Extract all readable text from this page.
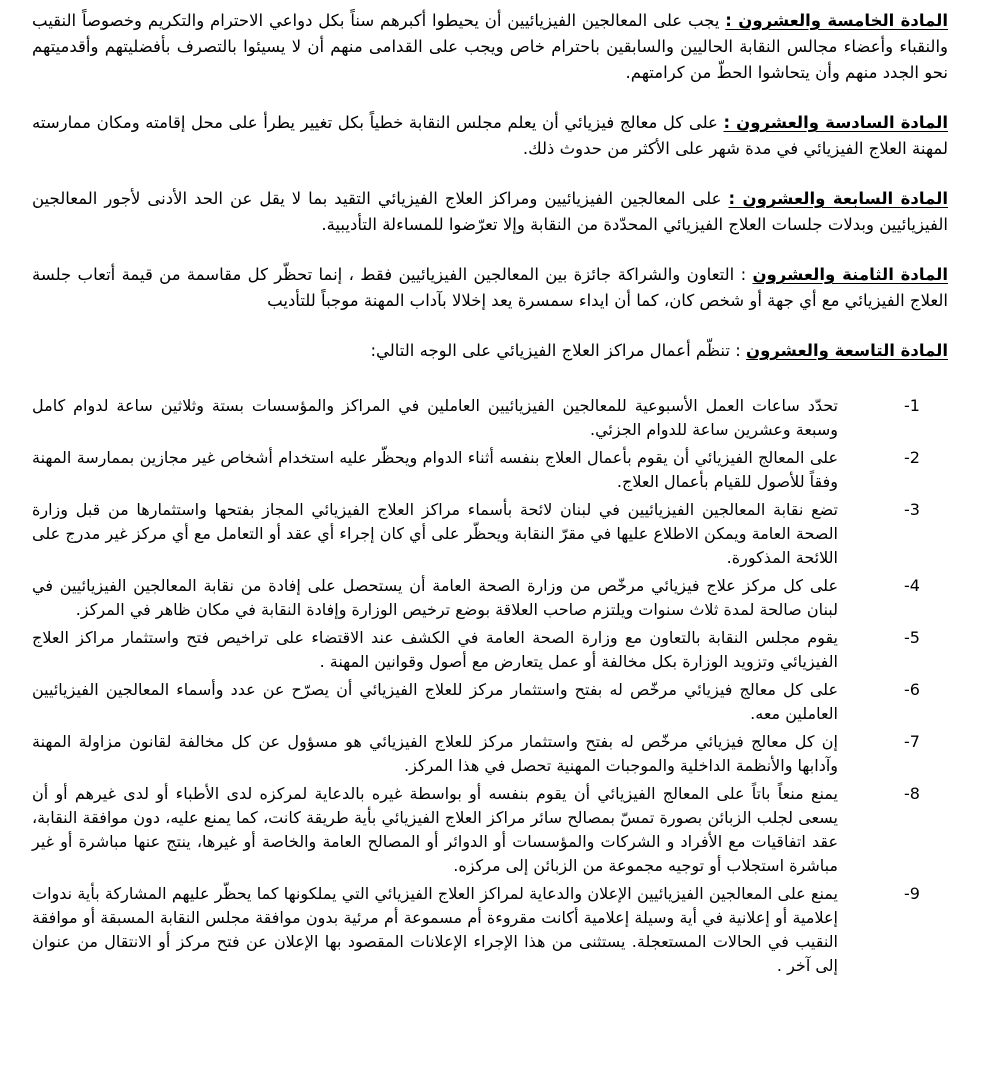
المادة الخامسة والعشرون : يجب على المعالجين الفيزيائيين أن يحيطوا أكبرهم سناً بكل دواعي الاحترام والتكريم وخصوصاً النقيب والنقباء وأعضاء مجالس النقابة الحاليين والسابقين باحترام خاص ويجب على القدامى منهم أن لا يسيئوا بالتصرف بأفضليتهم وأقدميتهم نحو الجدد منهم وأن يتحاشوا الحطّ من كرامتهم.

المادة السادسة والعشرون : على كل معالج فيزيائي أن يعلم مجلس النقابة خطياً بكل تغيير يطرأ على محل إقامته ومكان ممارسته لمهنة العلاج الفيزيائي في مدة شهر على الأكثر من حدوث ذلك.

المادة السابعة والعشرون : على المعالجين الفيزيائيين ومراكز العلاج الفيزيائي التقيد بما لا يقل عن الحد الأدنى لأجور المعالجين الفيزيائيين وبدلات جلسات العلاج الفيزيائي المحدّدة من النقابة وإلا تعرّضوا للمساءلة التأديبية.

المادة الثامنة والعشرون : التعاون والشراكة جائزة بين المعالجين الفيزيائيين فقط ، إنما تحظّر كل مقاسمة من قيمة أتعاب جلسة العلاج الفيزيائي مع أي جهة أو شخص كان، كما أن ايداء سمسرة يعد إخلالا بآداب المهنة موجباً للتأديب

المادة التاسعة والعشرون : تنظّم أعمال مراكز العلاج الفيزيائي على الوجه التالي:

-1
تحدّد ساعات العمل الأسبوعية للمعالجين الفيزيائيين العاملين في المراكز والمؤسسات بستة وثلاثين ساعة لدوام كامل وسبعة وعشرين ساعة للدوام الجزئي.
-2
على المعالج الفيزيائي أن يقوم بأعمال العلاج بنفسه أثناء الدوام ويحظّر عليه استخدام أشخاص غير مجازين بممارسة المهنة وفقاً للأصول للقيام بأعمال العلاج.
-3
تضع نقابة المعالجين الفيزيائيين في لبنان لائحة بأسماء مراكز العلاج الفيزيائي المجاز بفتحها واستثمارها من قبل وزارة الصحة العامة ويمكن الاطلاع عليها في مقرّ النقابة ويحظّر على أي كان إجراء أي عقد أو التعامل مع أي مركز غير مدرج على اللائحة المذكورة.
-4
على كل مركز علاج فيزيائي مرخّص من وزارة الصحة العامة أن يستحصل على إفادة من نقابة المعالجين الفيزيائيين في لبنان صالحة لمدة ثلاث سنوات ويلتزم صاحب العلاقة بوضع ترخيص الوزارة وإفادة النقابة في مكان ظاهر في المركز.
-5
يقوم مجلس النقابة بالتعاون مع وزارة الصحة العامة في الكشف عند الاقتضاء على تراخيص فتح واستثمار مراكز العلاج الفيزيائي وتزويد الوزارة بكل مخالفة أو عمل يتعارض مع أصول وقوانين المهنة .
-6
على كل معالج فيزيائي مرخّص له بفتح واستثمار مركز للعلاج الفيزيائي أن يصرّح عن عدد وأسماء المعالجين الفيزيائيين العاملين معه.
-7
إن كل معالج فيزيائي مرخّص له بفتح واستثمار مركز للعلاج الفيزيائي هو مسؤول عن كل مخالفة لقانون مزاولة المهنة وآدابها والأنظمة الداخلية والموجبات المهنية تحصل في هذا المركز.
-8
يمنع منعاً باتاً على المعالج الفيزيائي أن يقوم بنفسه أو بواسطة غيره بالدعاية لمركزه لدى الأطباء أو لدى غيرهم أو أن يسعى لجلب الزبائن بصورة تمسّ بمصالح سائر مراكز العلاج الفيزيائي بأية طريقة كانت، كما يمنع عليه، دون موافقة النقابة، عقد اتفاقيات مع الأفراد و الشركات والمؤسسات أو الدوائر أو المصالح العامة والخاصة أو غيرها، ينتج عنها مباشرة أو غير مباشرة استجلاب أو توجيه مجموعة من الزبائن إلى مركزه.
-9
يمنع على المعالجين الفيزيائيين الإعلان والدعاية لمراكز العلاج الفيزيائي التي يملكونها كما يحظّر عليهم المشاركة بأية ندوات إعلامية أو إعلانية في أية وسيلة إعلامية أكانت مقروءة أم مسموعة أم مرئية بدون موافقة مجلس النقابة المسبقة أو موافقة النقيب في الحالات المستعجلة. يستثنى من هذا الإجراء الإعلانات المقصود بها الإعلان عن فتح مركز أو الانتقال من عنوان إلى آخر .
